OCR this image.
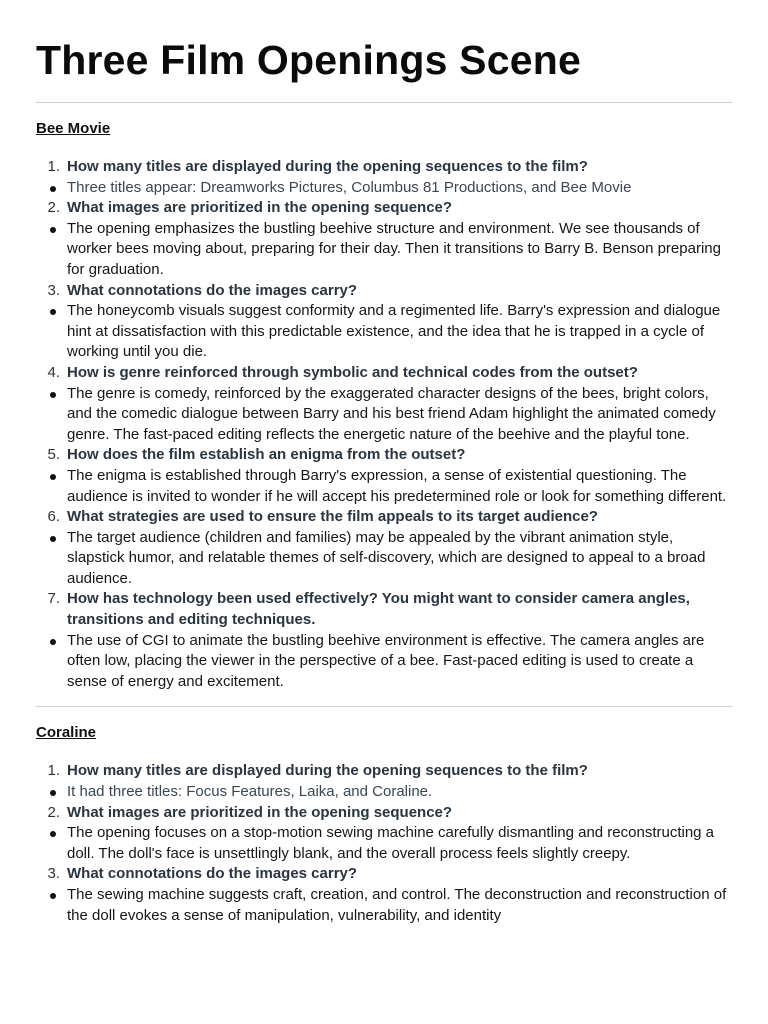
Three Film Openings Scene
Bee Movie
1. How many titles are displayed during the opening sequences to the film?
Three titles appear: Dreamworks Pictures, Columbus 81 Productions, and Bee Movie
2. What images are prioritized in the opening sequence?
The opening emphasizes the bustling beehive structure and environment. We see thousands of worker bees moving about, preparing for their day. Then it transitions to Barry B. Benson preparing for graduation.
3. What connotations do the images carry?
The honeycomb visuals suggest conformity and a regimented life. Barry's expression and dialogue hint at dissatisfaction with this predictable existence, and the idea that he is trapped in a cycle of working until you die.
4. How is genre reinforced through symbolic and technical codes from the outset?
The genre is comedy, reinforced by the exaggerated character designs of the bees, bright colors, and the comedic dialogue between Barry and his best friend Adam highlight the animated comedy genre. The fast-paced editing reflects the energetic nature of the beehive and the playful tone.
5. How does the film establish an enigma from the outset?
The enigma is established through Barry's expression, a sense of existential questioning. The audience is invited to wonder if he will accept his predetermined role or look for something different.
6. What strategies are used to ensure the film appeals to its target audience?
The target audience (children and families) may be appealed by the vibrant animation style, slapstick humor, and relatable themes of self-discovery, which are designed to appeal to a broad audience.
7. How has technology been used effectively? You might want to consider camera angles, transitions and editing techniques.
The use of CGI to animate the bustling beehive environment is effective. The camera angles are often low, placing the viewer in the perspective of a bee. Fast-paced editing is used to create a sense of energy and excitement.
Coraline
1. How many titles are displayed during the opening sequences to the film?
It had three titles: Focus Features, Laika, and Coraline.
2. What images are prioritized in the opening sequence?
The opening focuses on a stop-motion sewing machine carefully dismantling and reconstructing a doll. The doll's face is unsettlingly blank, and the overall process feels slightly creepy.
3. What connotations do the images carry?
The sewing machine suggests craft, creation, and control. The deconstruction and reconstruction of the doll evokes a sense of manipulation, vulnerability, and identity
